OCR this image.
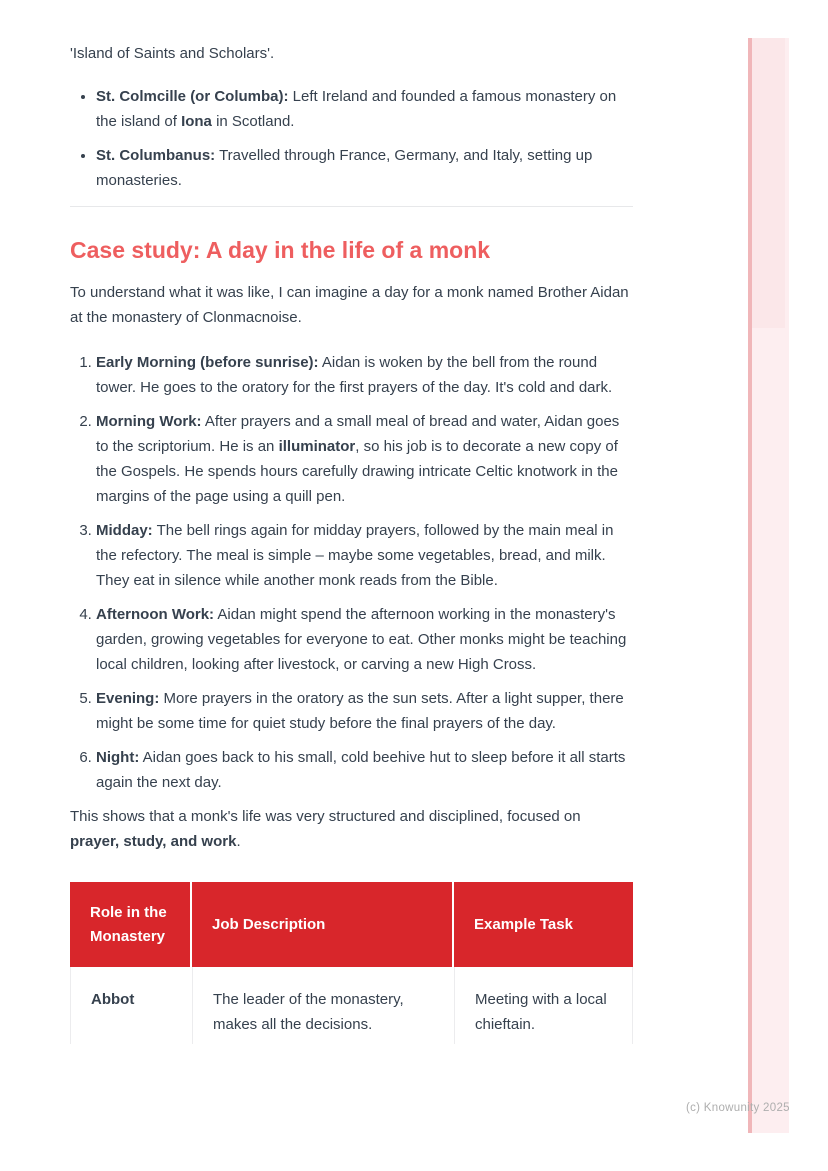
'Island of Saints and Scholars'.

• St. Colmcille (or Columba): Left Ireland and founded a famous monastery on the island of Iona in Scotland.
• St. Columbanus: Travelled through France, Germany, and Italy, setting up monasteries.
Case study: A day in the life of a monk

To understand what it was like, I can imagine a day for a monk named Brother Aidan at the monastery of Clonmacnoise.

1. Early Morning (before sunrise): Aidan is woken by the bell from the round tower. He goes to the oratory for the first prayers of the day. It's cold and dark.
2. Morning Work: After prayers and a small meal of bread and water, Aidan goes to the scriptorium. He is an illuminator, so his job is to decorate a new copy of the Gospels. He spends hours carefully drawing intricate Celtic knotwork in the margins of the page using a quill pen.
3. Midday: The bell rings again for midday prayers, followed by the main meal in the refectory. The meal is simple – maybe some vegetables, bread, and milk. They eat in silence while another monk reads from the Bible.
4. Afternoon Work: Aidan might spend the afternoon working in the monastery's garden, growing vegetables for everyone to eat. Other monks might be teaching local children, looking after livestock, or carving a new High Cross.
5. Evening: More prayers in the oratory as the sun sets. After a light supper, there might be some time for quiet study before the final prayers of the day.
6. Night: Aidan goes back to his small, cold beehive hut to sleep before it all starts again the next day.

This shows that a monk's life was very structured and disciplined, focused on prayer, study, and work.

Role in the Monastery
Job Description	Example Task
Abbot	The leader of the monastery, makes all the decisions.
Meeting with a local chieftain.
(c) Knowunity 2025
